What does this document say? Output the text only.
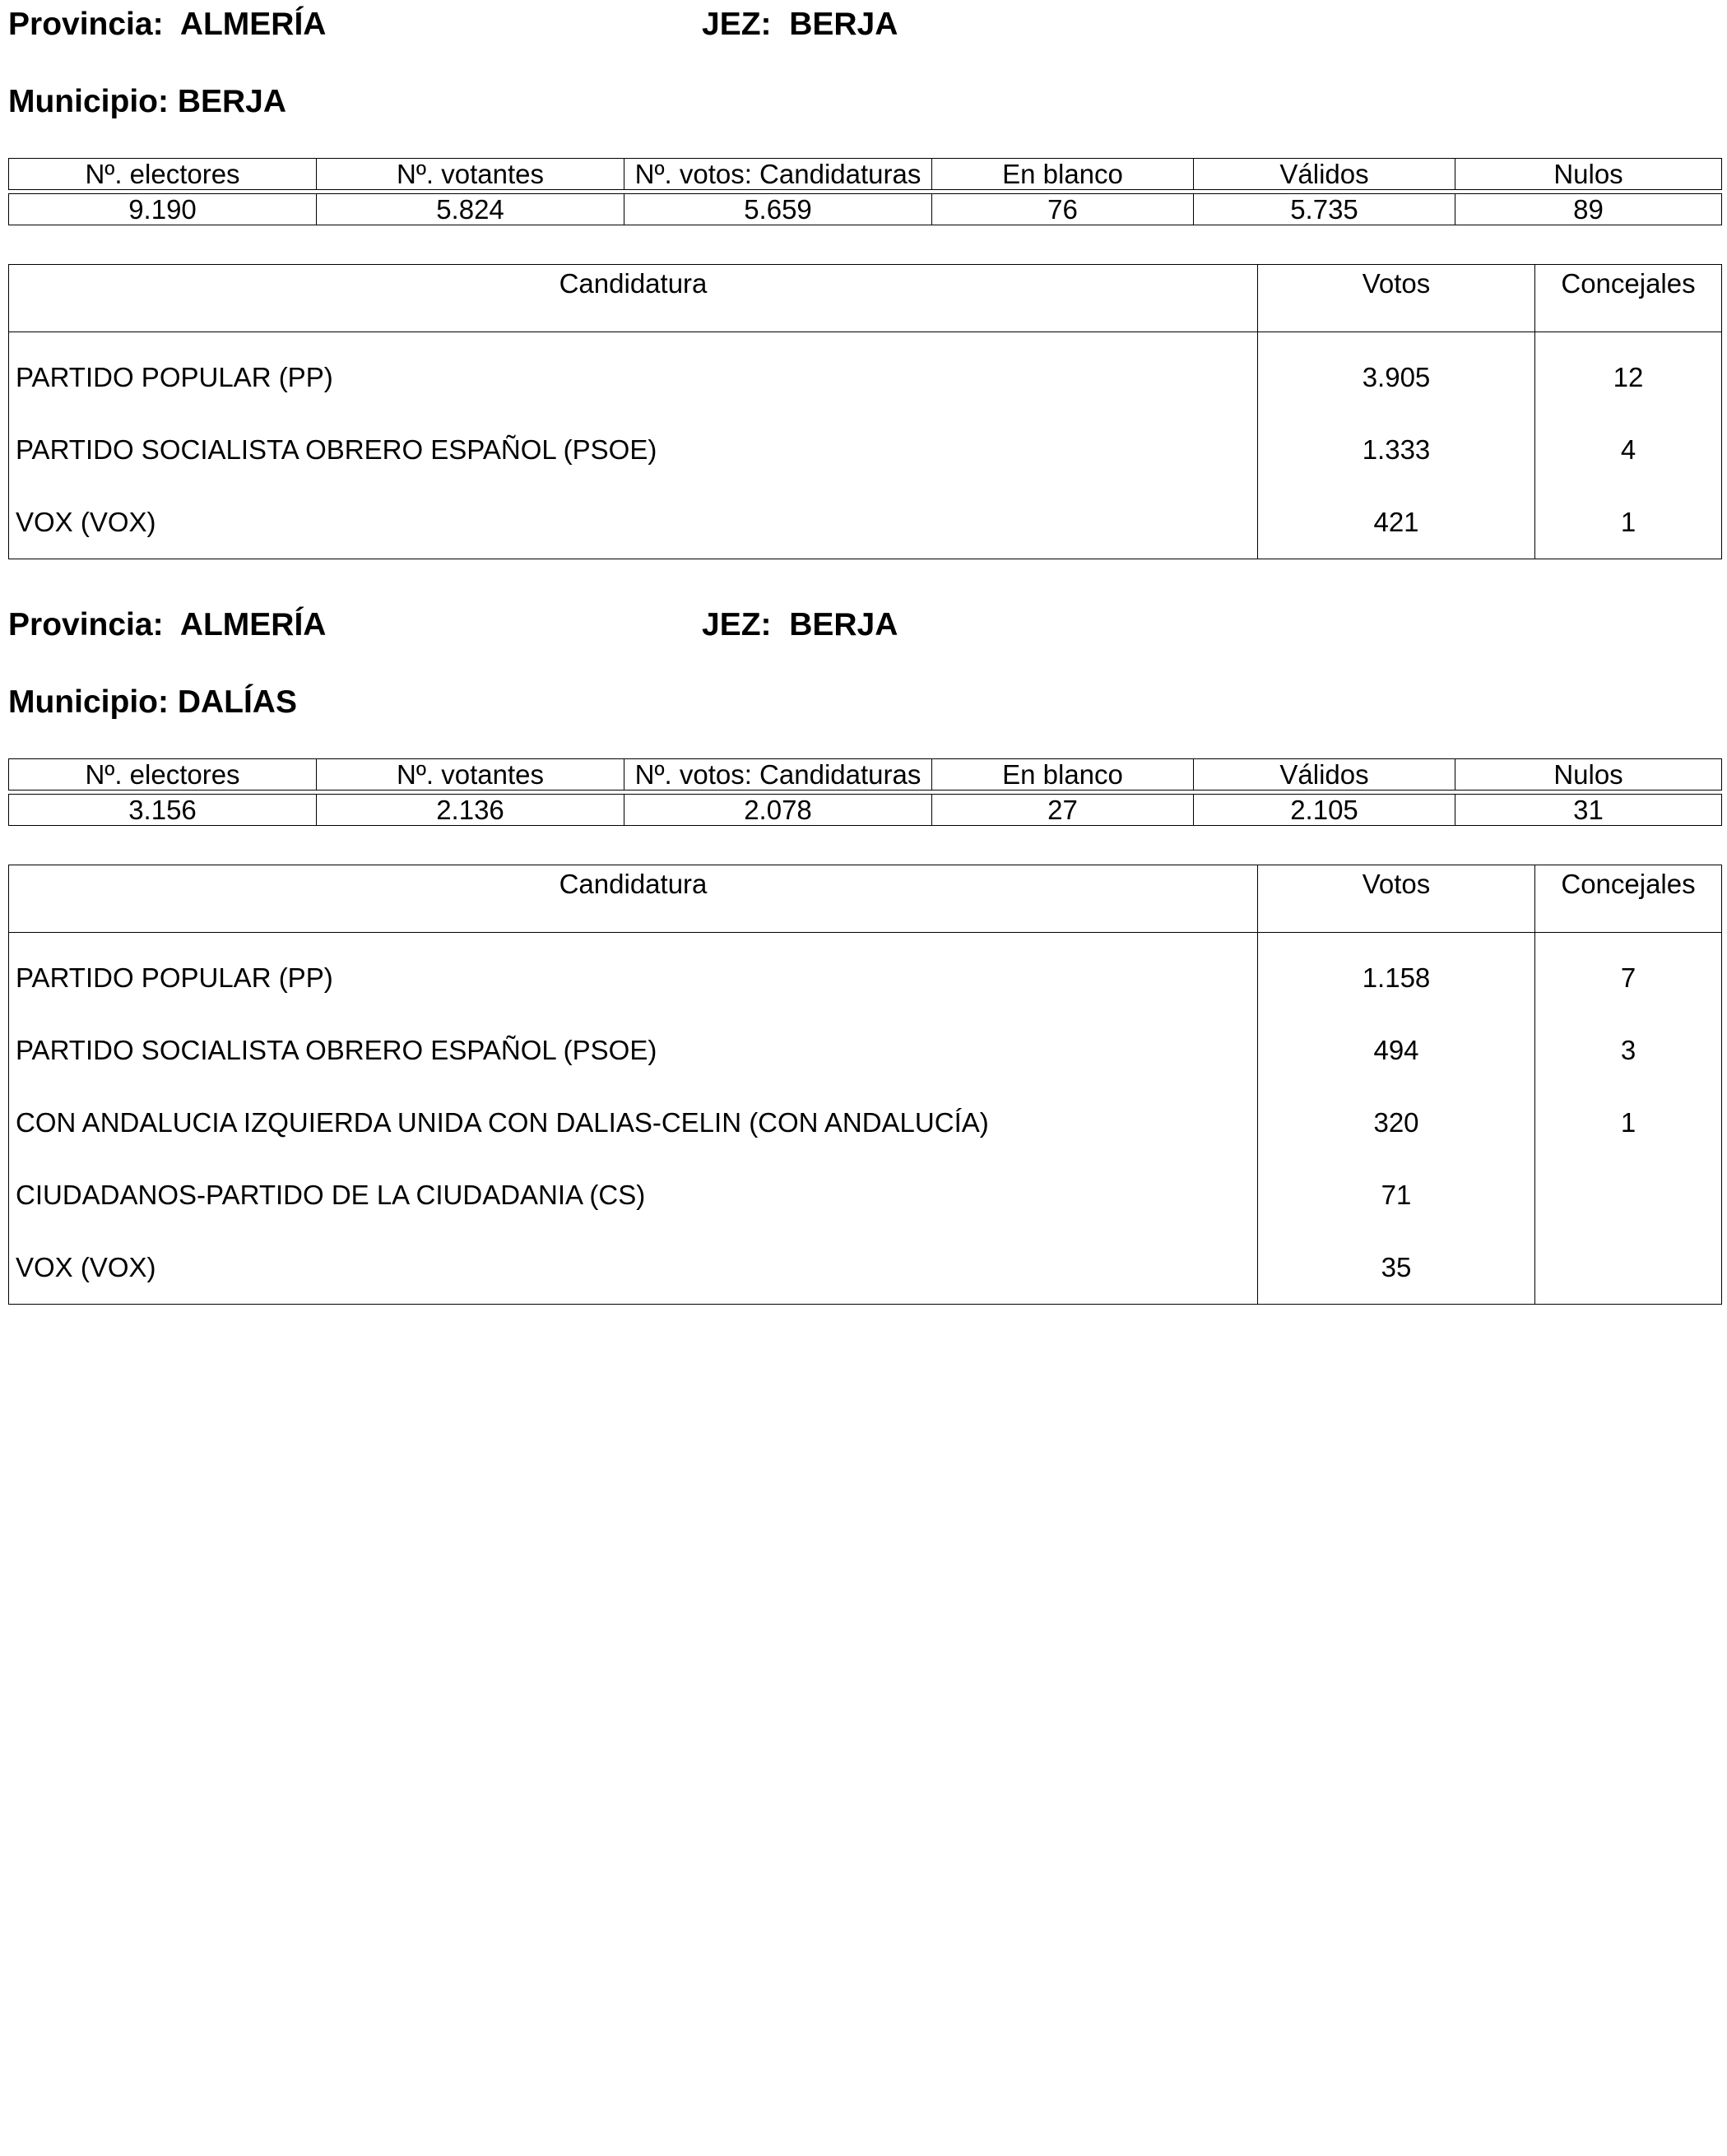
Provincia: ALMERÍA	JEZ: BERJA
Municipio: BERJA
Nº. electores	Nº. votantes	Nº. votos: Candidaturas	En blanco	Válidos	Nulos

9.190	5.824	5.659	76	5.735	89
Candidatura	Votos	Concejales
PARTIDO POPULAR (PP)	3.905	12
PARTIDO SOCIALISTA OBRERO ESPAÑOL (PSOE)	1.333	4
VOX (VOX)	421	1
Provincia: ALMERÍA	JEZ: BERJA
Municipio: DALÍAS
Nº. electores	Nº. votantes	Nº. votos: Candidaturas	En blanco	Válidos	Nulos

3.156	2.136	2.078	27	2.105	31
Candidatura	Votos	Concejales
PARTIDO POPULAR (PP)	1.158	7
PARTIDO SOCIALISTA OBRERO ESPAÑOL (PSOE)	494	3
CON ANDALUCIA IZQUIERDA UNIDA CON DALIAS-CELIN (CON ANDALUCÍA)	320	1
CIUDADANOS-PARTIDO DE LA CIUDADANIA (CS)	71	
VOX (VOX)	35	
